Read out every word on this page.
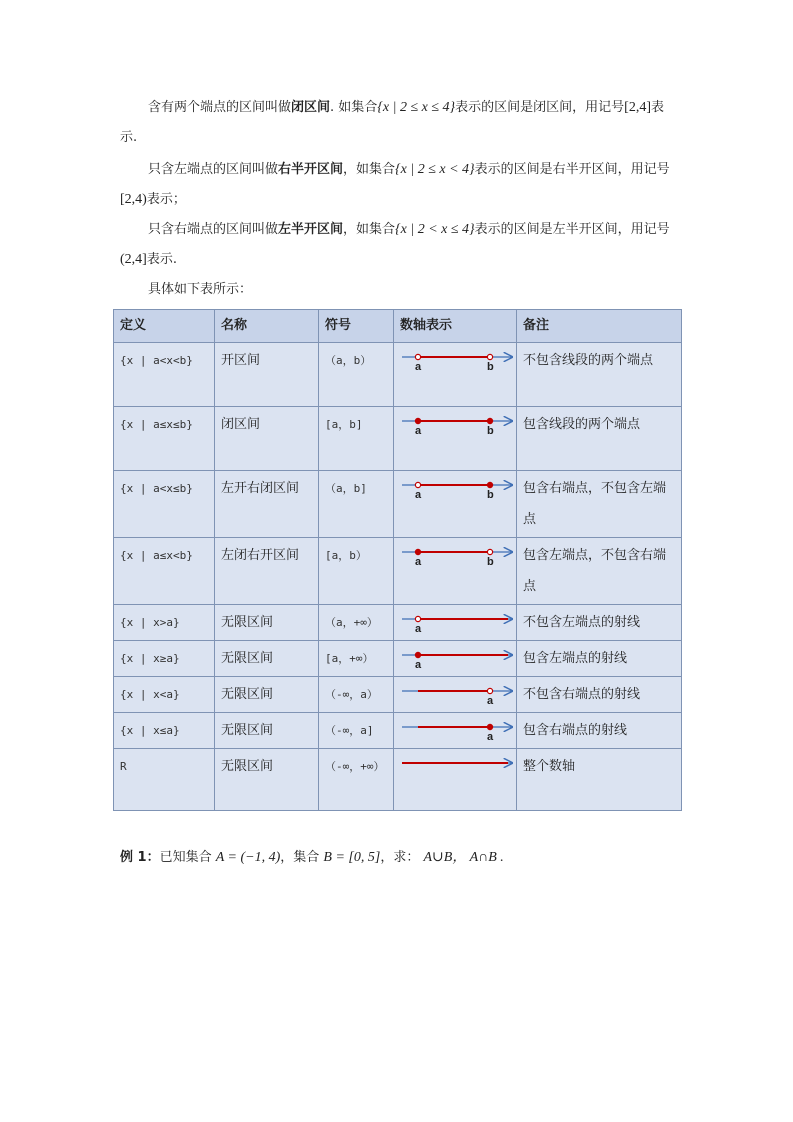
含有两个端点的区间叫做闭区间. 如集合{x | 2 ≤ x ≤ 4}表示的区间是闭区间，用记号[2,4]表示.
只含左端点的区间叫做右半开区间，如集合{x | 2 ≤ x < 4}表示的区间是右半开区间，用记号[2,4)表示；
只含右端点的区间叫做左半开区间，如集合{x | 2 < x ≤ 4}表示的区间是左半开区间，用记号(2,4]表示.
具体如下表所示：
定义	名称	符号	数轴表示	备注
{x | a<x<b}	开区间	（a，b）	a b	不包含线段的两个端点
{x | a≤x≤b}	闭区间	[a，b]	a b	包含线段的两个端点
{x | a<x≤b}	左开右闭区间	（a，b]	a b	包含右端点，不包含左端点
{x | a≤x<b}	左闭右开区间	[a，b）	a b	包含左端点，不包含右端点
{x | x>a}	无限区间	（a，+∞）	a	不包含左端点的射线
{x | x≥a}	无限区间	[a，+∞）	a	包含左端点的射线
{x | x<a}	无限区间	（-∞，a）	a	不包含右端点的射线
{x | x≤a}	无限区间	（-∞，a]	a	包含右端点的射线
R	无限区间	（-∞，+∞）		整个数轴
例 1：已知集合 A = (−1, 4)，集合 B = [0, 5]，求： A∪B， A∩B .
